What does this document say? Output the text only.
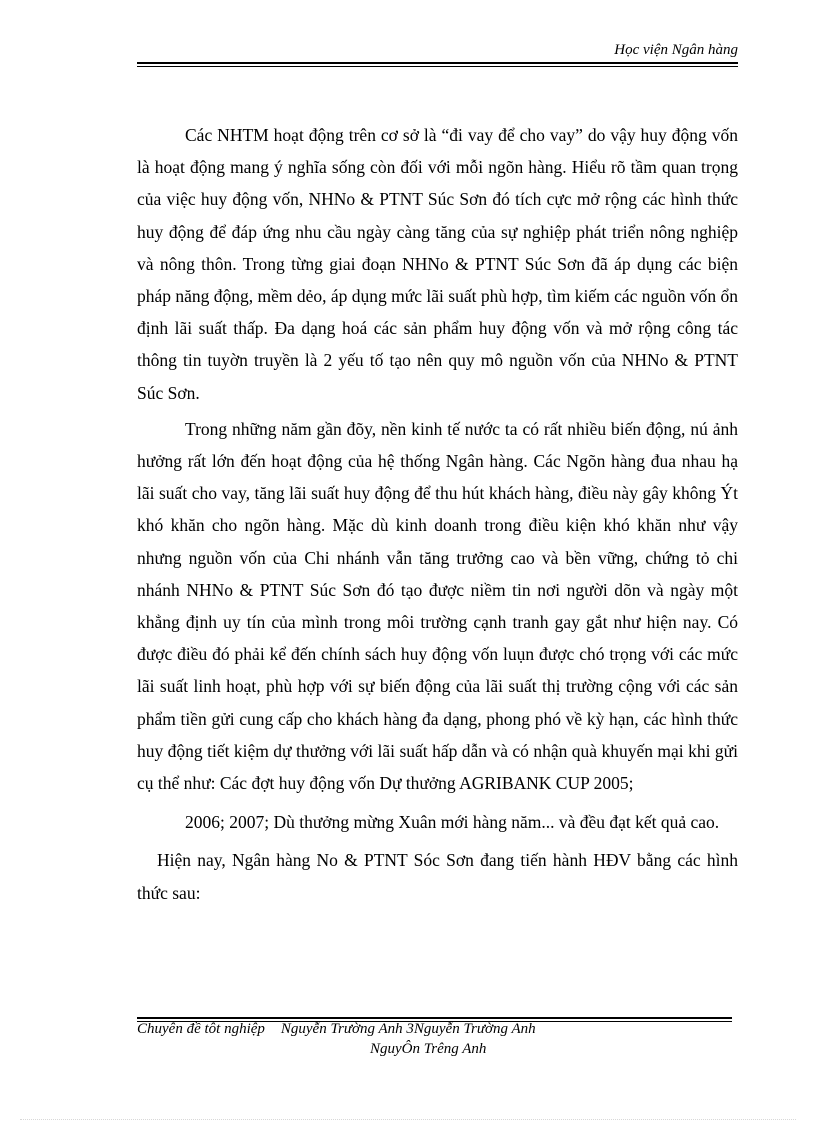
Học viện Ngân hàng

Các NHTM hoạt động trên cơ sở là “đi vay để cho vay” do vậy huy động vốn là hoạt động mang ý nghĩa sống còn đối với mỗi ngõn hàng. Hiểu rõ tầm quan trọng của việc huy động vốn, NHNo & PTNT Súc Sơn đó tích cực mở rộng các hình thức huy động để đáp ứng nhu cầu ngày càng tăng của sự nghiệp phát triển nông nghiệp và nông thôn. Trong từng giai đoạn NHNo & PTNT Súc Sơn đã áp dụng các biện pháp năng động, mềm dẻo, áp dụng mức lãi suất phù hợp, tìm kiếm các nguồn vốn ổn định lãi suất thấp. Đa dạng hoá các sản phẩm huy động vốn và mở rộng công tác thông tin tuyờn truyền là 2 yếu tố tạo nên quy mô nguồn vốn của NHNo & PTNT Súc Sơn.

Trong những năm gần đõy, nền kinh tế nước ta có rất nhiều biến động, nú ảnh hưởng rất lớn đến hoạt động của hệ thống Ngân hàng. Các Ngõn hàng đua nhau hạ lãi suất cho vay, tăng lãi suất huy động để thu hút khách hàng, điều này gây không Ýt khó khăn cho ngõn hàng. Mặc dù kinh doanh trong điều kiện khó khăn như vậy nhưng nguồn vốn của Chi nhánh vẫn tăng trưởng cao và bền vững, chứng tỏ chi nhánh NHNo & PTNT Súc Sơn đó tạo được niềm tin nơi người dõn và ngày một khẳng định uy tín của mình trong môi trường cạnh tranh gay gắt như hiện nay. Có được điều đó phải kể đến chính sách huy động vốn luụn được chó trọng với các mức lãi suất linh hoạt, phù hợp với sự biến động của lãi suất thị trường cộng với các sản phẩm tiền gửi cung cấp cho khách hàng đa dạng, phong phó về kỳ hạn, các hình thức huy động tiết kiệm dự thưởng với lãi suất hấp dẫn và có nhận quà khuyến mại khi gửi cụ thể như: Các đợt huy động vốn Dự thưởng AGRIBANK CUP 2005;

2006; 2007; Dù thưởng mừng Xuân mới hàng năm... và đều đạt kết quả cao.

Hiện nay, Ngân hàng No & PTNT Sóc Sơn đang tiến hành HĐV bằng các hình thức sau:

Chuyên đề tôt nghiệp Nguyễn Trường Anh 3Nguyễn Trường Anh
NguyÔn Trêng Anh
